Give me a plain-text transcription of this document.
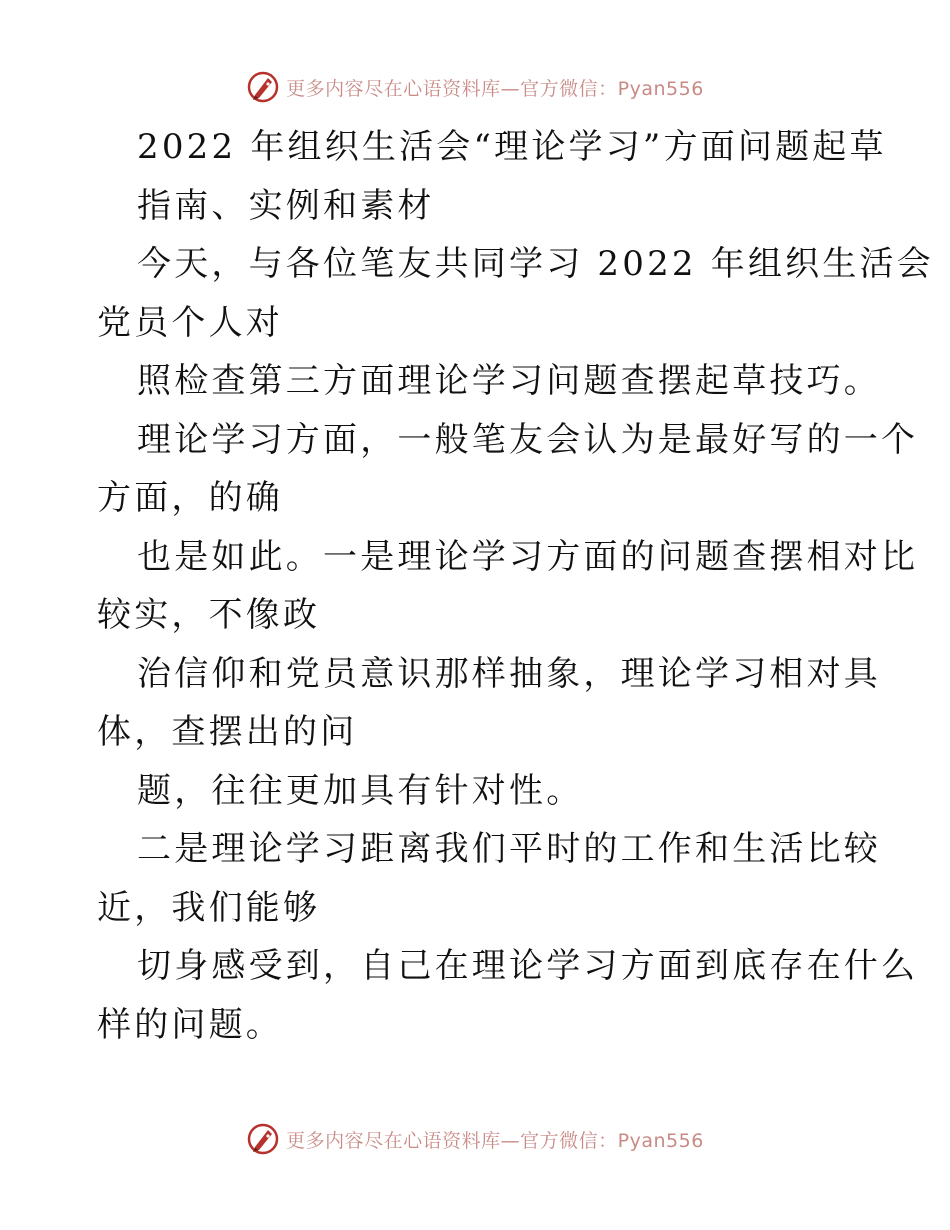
更多内容尽在心语资料库—官方微信：Pyan556
2022 年组织生活会“理论学习”方面问题起草
指南、实例和素材
今天，与各位笔友共同学习 2022 年组织生活会
党员个人对
照检查第三方面理论学习问题查摆起草技巧。
理论学习方面，一般笔友会认为是最好写的一个
方面，的确
也是如此。一是理论学习方面的问题查摆相对比
较实，不像政
治信仰和党员意识那样抽象，理论学习相对具
体，查摆出的问
题，往往更加具有针对性。
二是理论学习距离我们平时的工作和生活比较
近，我们能够
切身感受到，自己在理论学习方面到底存在什么
样的问题。
更多内容尽在心语资料库—官方微信：Pyan556
